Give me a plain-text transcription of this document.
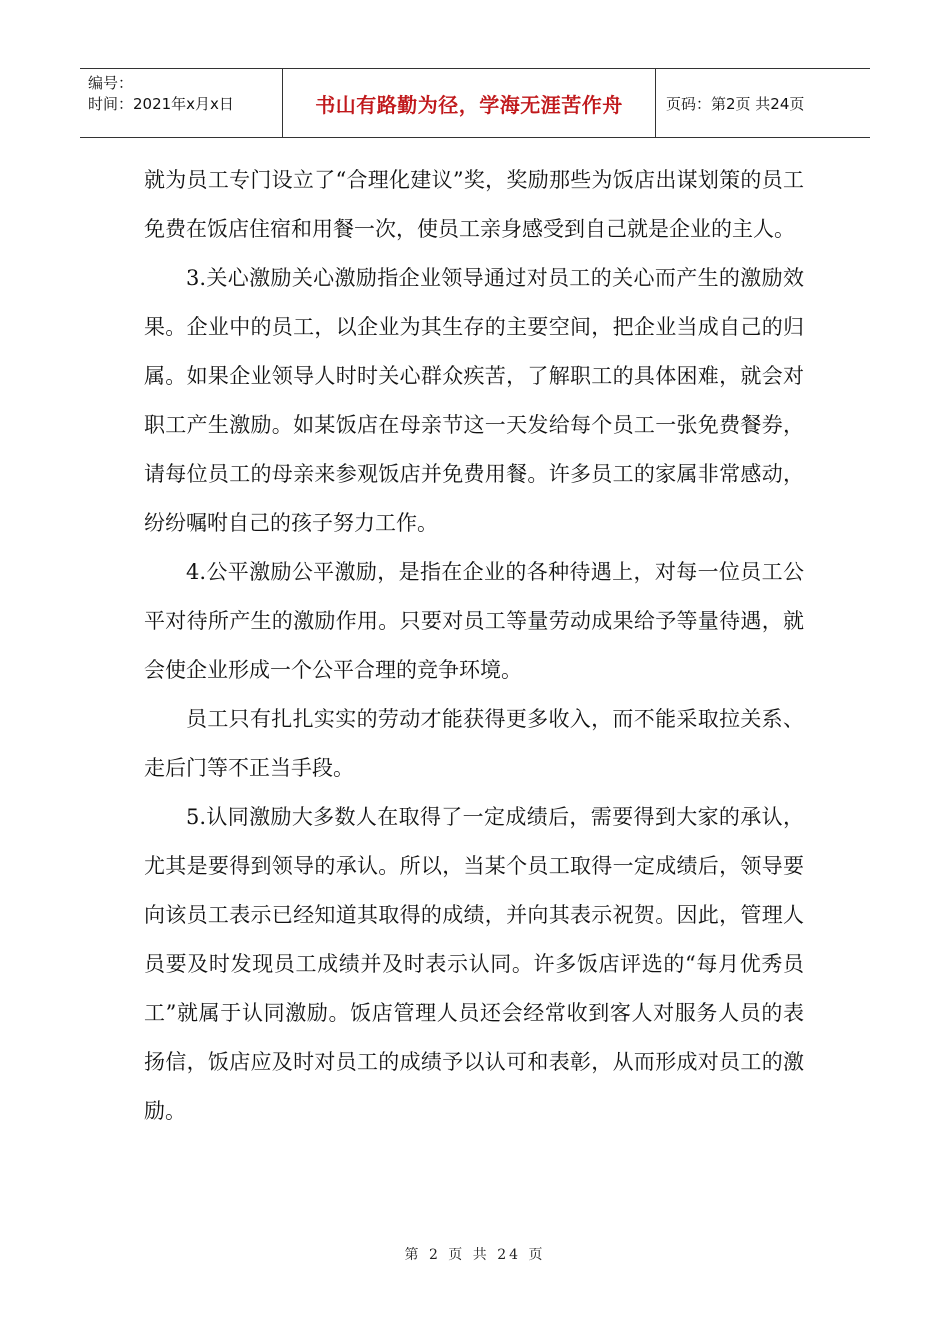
编号：
时间：2021年x月x日	书山有路勤为径，学海无涯苦作舟	页码：第2页 共24页

就为员工专门设立了“合理化建议”奖，奖励那些为饭店出谋划策的员工免费在饭店住宿和用餐一次，使员工亲身感受到自己就是企业的主人。

3.关心激励关心激励指企业领导通过对员工的关心而产生的激励效果。企业中的员工，以企业为其生存的主要空间，把企业当成自己的归属。如果企业领导人时时关心群众疾苦，了解职工的具体困难，就会对职工产生激励。如某饭店在母亲节这一天发给每个员工一张免费餐券，请每位员工的母亲来参观饭店并免费用餐。许多员工的家属非常感动，纷纷嘱咐自己的孩子努力工作。

4.公平激励公平激励，是指在企业的各种待遇上，对每一位员工公平对待所产生的激励作用。只要对员工等量劳动成果给予等量待遇，就会使企业形成一个公平合理的竞争环境。

员工只有扎扎实实的劳动才能获得更多收入，而不能采取拉关系、走后门等不正当手段。

5.认同激励大多数人在取得了一定成绩后，需要得到大家的承认，尤其是要得到领导的承认。所以，当某个员工取得一定成绩后，领导要向该员工表示已经知道其取得的成绩，并向其表示祝贺。因此，管理人员要及时发现员工成绩并及时表示认同。许多饭店评选的“每月优秀员工”就属于认同激励。饭店管理人员还会经常收到客人对服务人员的表扬信，饭店应及时对员工的成绩予以认可和表彰，从而形成对员工的激励。

第 2 页 共 24 页
